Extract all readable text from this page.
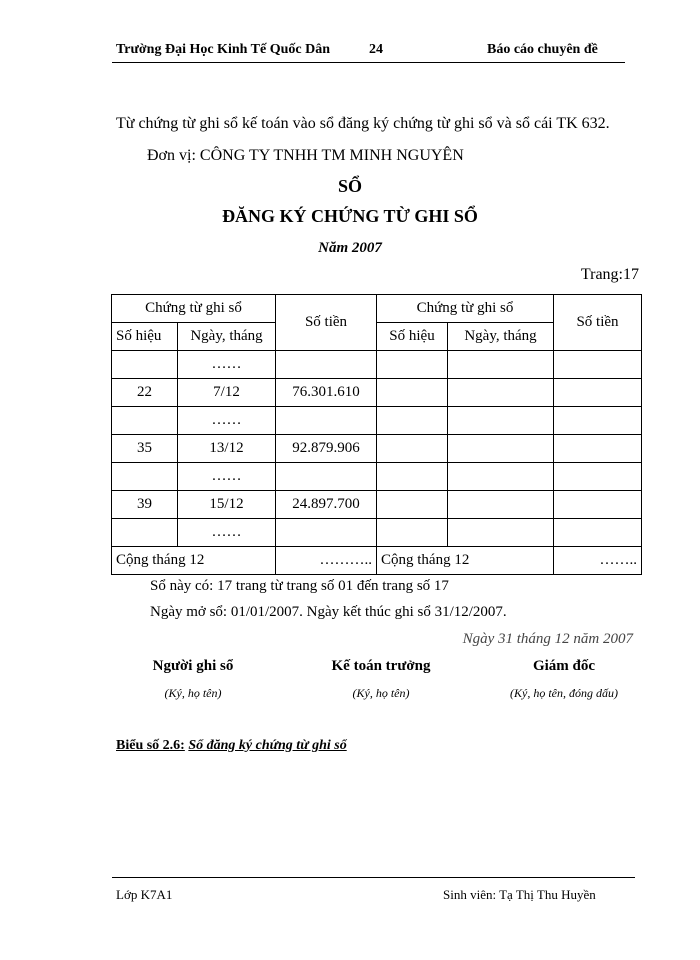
Trường Đại Học Kinh Tế Quốc Dân	24	Báo cáo chuyên đề
Từ chứng từ ghi sổ kế toán vào sổ đăng ký chứng từ ghi sổ và sổ cái TK 632.
Đơn vị: CÔNG TY TNHH TM MINH NGUYÊN
SỔ
ĐĂNG KÝ CHỨNG TỪ GHI SỔ
Năm 2007
Trang:17
Chứng từ ghi sổ		Số tiền	Chứng từ ghi sổ		Số tiền
Số hiệu	Ngày, tháng		Số hiệu	Ngày, tháng	
	……				
22	7/12	76.301.610			
	……				
35	13/12	92.879.906			
	……				
39	15/12	24.897.700			
	……				
Cộng tháng 12		………..	Cộng tháng 12		……..
Sổ này có: 17 trang từ trang số 01 đến trang số 17
Ngày mở sổ: 01/01/2007. Ngày kết thúc ghi sổ 31/12/2007.
Ngày 31 tháng 12 năm 2007
Người ghi sổ
(Ký, họ tên)
Kế toán trưởng
(Ký, họ tên)
Giám đốc
(Ký, họ tên, đóng dấu)
Biểu số 2.6: Sổ đăng ký chứng từ ghi sổ
Lớp K7A1	Sinh viên: Tạ Thị Thu Huyền
